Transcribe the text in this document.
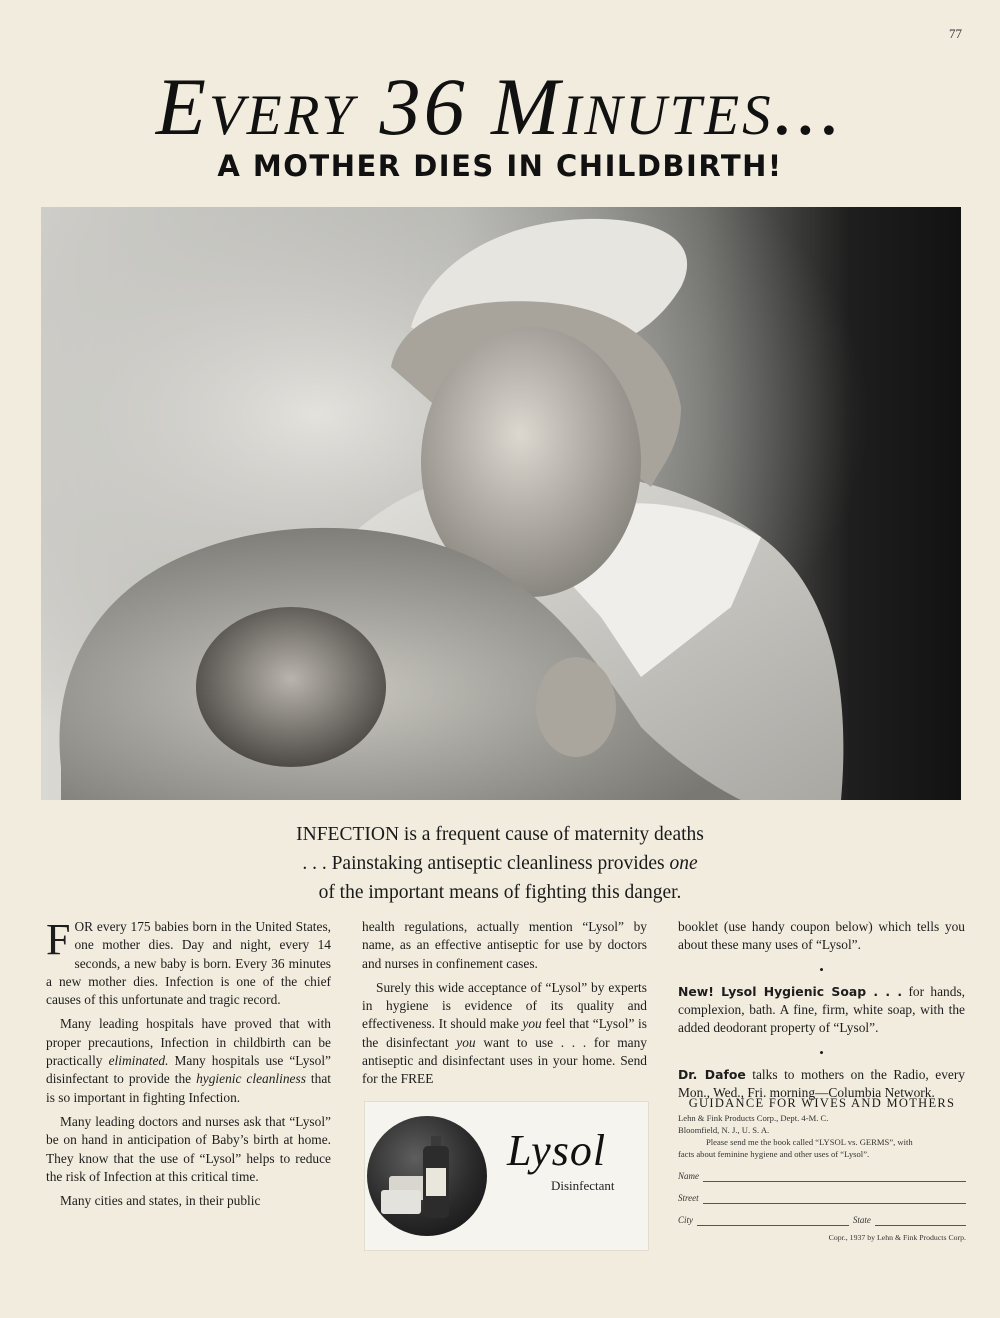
77
Every 36 Minutes...
A MOTHER DIES IN CHILDBIRTH!
INFECTION is a frequent cause of maternity deaths
. . . Painstaking antiseptic cleanliness provides one
of the important means of fighting this danger.

FOR every 175 babies born in the United States, one mother dies. Day and night, every 14 seconds, a new baby is born. Every 36 minutes a new mother dies. Infection is one of the chief causes of this unfortunate and tragic record.

Many leading hospitals have proved that with proper precautions, Infection in childbirth can be practically eliminated. Many hospitals use “Lysol” disinfectant to provide the hygienic cleanliness that is so important in fighting Infection.

Many leading doctors and nurses ask that “Lysol” be on hand in anticipation of Baby’s birth at home. They know that the use of “Lysol” helps to reduce the risk of Infection at this critical time.

Many cities and states, in their public

health regulations, actually mention “Lysol” by name, as an effective antiseptic for use by doctors and nurses in confinement cases.

Surely this wide acceptance of “Lysol” by experts in hygiene is evidence of its quality and effectiveness. It should make you feel that “Lysol” is the disinfectant you want to use . . . for many antiseptic and disinfectant uses in your home. Send for the FREE

booklet (use handy coupon below) which tells you about these many uses of “Lysol”.

•

New! Lysol Hygienic Soap . . . for hands, complexion, bath. A fine, firm, white soap, with the added deodorant property of “Lysol”.

•

Dr. Dafoe talks to mothers on the Radio, every Mon., Wed., Fri. morning—Columbia Network.

Lysol
Disinfectant
GUIDANCE FOR WIVES AND MOTHERS
Lehn & Fink Products Corp., Dept. 4-M. C.
Bloomfield, N. J., U. S. A.
Please send me the book called “LYSOL vs. GERMS”, with
facts about feminine hygiene and other uses of “Lysol”.
Name
Street
City	State
Copr., 1937 by Lehn & Fink Products Corp.
